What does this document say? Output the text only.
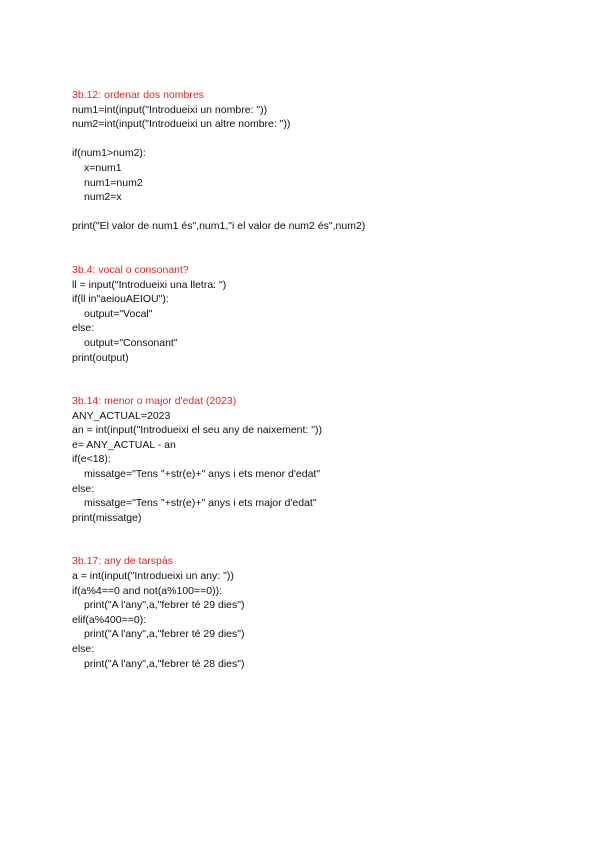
3b.12: ordenar dos nombres
num1=int(input("Introdueixi un nombre: "))
num2=int(input("Introdueixi un altre nombre: "))
if(num1>num2):
x=num1
num1=num2
num2=x
print("El valor de num1 és",num1,"i el valor de num2 és",num2)
3b.4: vocal o consonant?
ll = input("Introdueixi una lletra: ")
if(ll in"aeiouAEIOU"):
output="Vocal"
else:
output="Consonant"
print(output)
3b.14: menor o major d'edat (2023)
ANY_ACTUAL=2023
an = int(input("Introdueixi el seu any de naixement: "))
e= ANY_ACTUAL - an
if(e<18):
missatge="Tens "+str(e)+" anys i ets menor d'edat"
else:
missatge="Tens "+str(e)+" anys i ets major d'edat"
print(missatge)
3b.17: any de tarspàs
a = int(input("Introdueixi un any: "))
if(a%4==0 and not(a%100==0)):
print("A l'any",a,"febrer té 29 dies")
elif(a%400==0):
print("A l'any",a,"febrer té 29 dies")
else:
print("A l'any",a,"febrer té 28 dies")
